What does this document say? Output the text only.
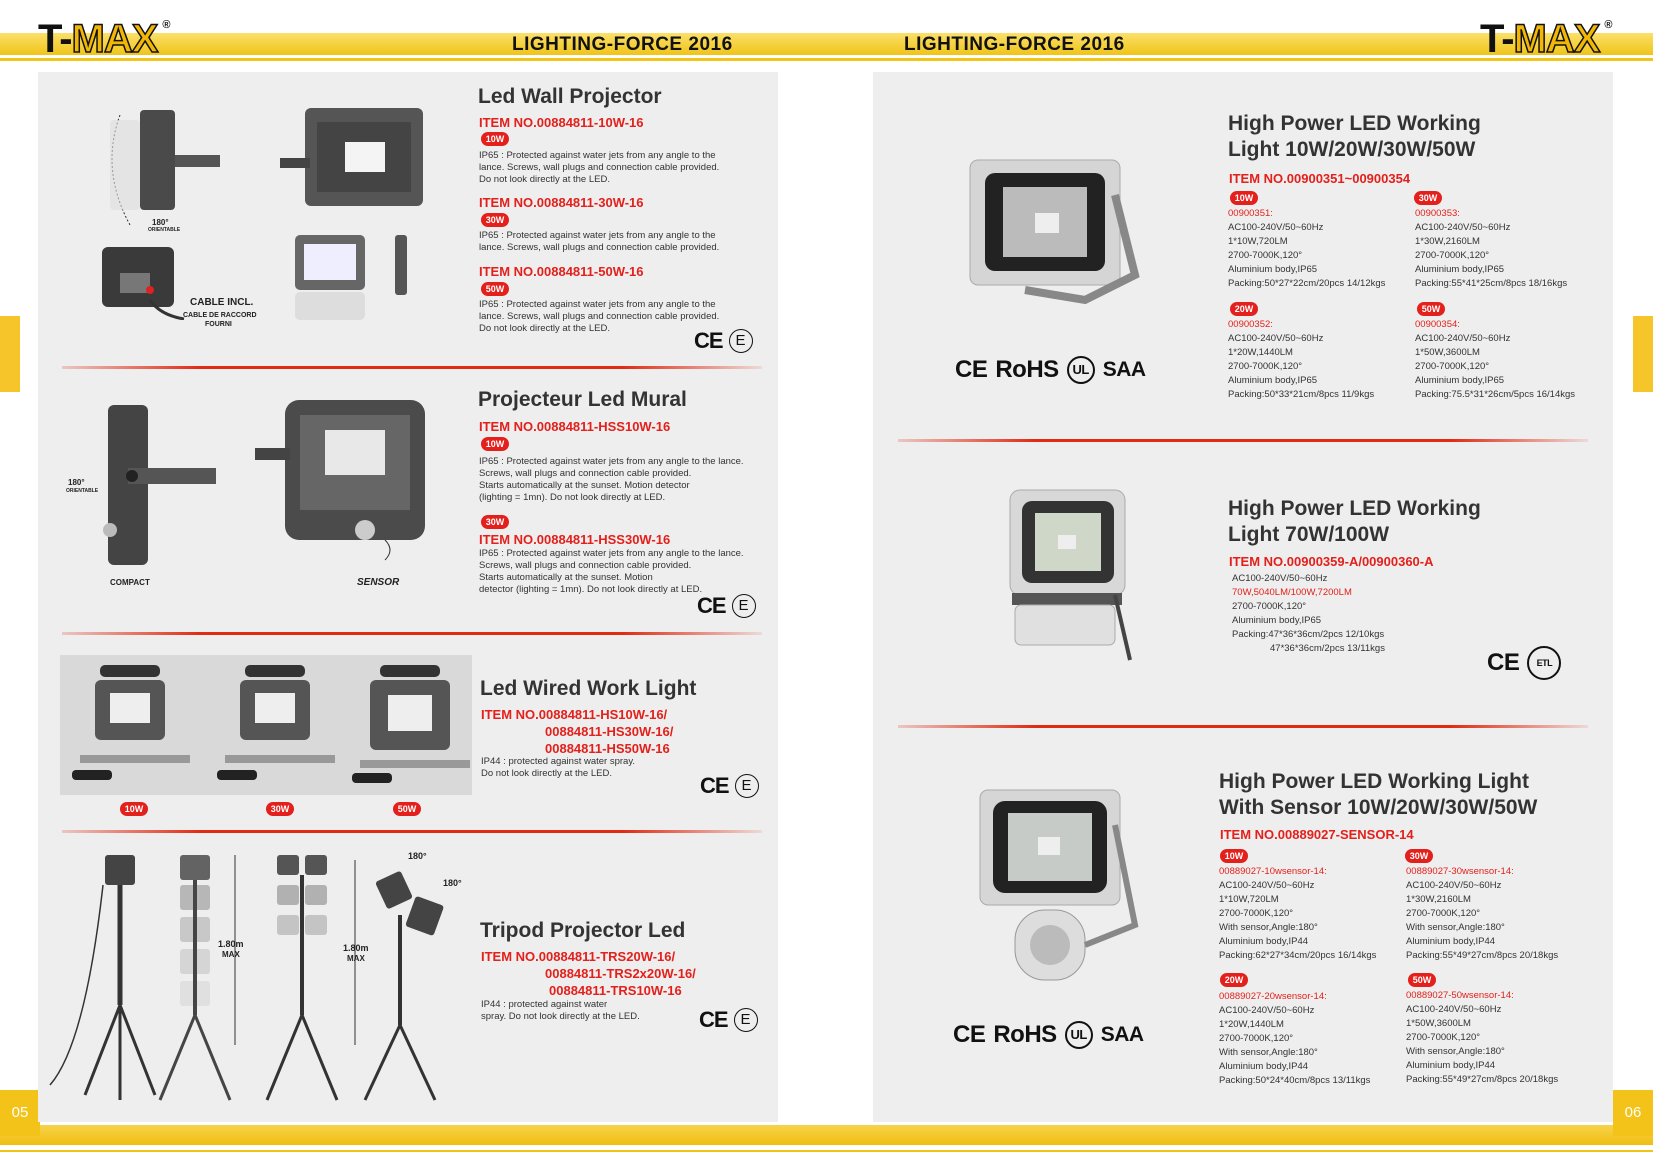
T-MAX ®	T-MAX ®
LIGHTING-FORCE 2016	LIGHTING-FORCE 2016
05	06
180°
ORIENTABLE
CABLE INCL.
CABLE DE RACCORD
FOURNI
Led Wall Projector
ITEM NO.00884811-10W-16
10W
IP65 : Protected against water jets from any angle to the
lance. Screws, wall plugs and connection cable provided.
Do not look directly at the LED.
ITEM NO.00884811-30W-16
30W
IP65 : Protected against water jets from any angle to the
lance. Screws, wall plugs and connection cable provided.
ITEM NO.00884811-50W-16
50W
IP65 : Protected against water jets from any angle to the
lance. Screws, wall plugs and connection cable provided.
Do not look directly at the LED.	CE E
180°
ORIENTABLE
COMPACT	SENSOR
Projecteur Led Mural
ITEM NO.00884811-HSS10W-16
10W
IP65 : Protected against water jets from any angle to the lance.
Screws, wall plugs and connection cable provided.
Starts automatically at the sunset. Motion detector
(lighting = 1mn). Do not look directly at LED.
30W
ITEM NO.00884811-HSS30W-16
IP65 : Protected against water jets from any angle to the lance.
Screws, wall plugs and connection cable provided.
Starts automatically at the sunset. Motion
detector (lighting = 1mn). Do not look directly at LED.
CE E
10W	30W	50W
Led Wired Work Light
ITEM NO.00884811-HS10W-16/
00884811-HS30W-16/
00884811-HS50W-16
IP44 : protected against water spray.
Do not look directly at the LED.	CE E
1.80m
MAX
1.80m
MAX
180°
180°
Tripod Projector Led
ITEM NO.00884811-TRS20W-16/
00884811-TRS2x20W-16/
00884811-TRS10W-16
IP44 : protected against water
spray. Do not look directly at the LED.	CE E
CE RoHS	UL SAA
High Power LED Working
Light 10W/20W/30W/50W
ITEM NO.00900351~00900354
10W
00900351:
AC100-240V/50~60Hz
1*10W,720LM
2700-7000K,120°
Aluminium body,IP65
Packing:50*27*22cm/20pcs 14/12kgs
30W
00900353:
AC100-240V/50~60Hz
1*30W,2160LM
2700-7000K,120°
Aluminium body,IP65
Packing:55*41*25cm/8pcs 18/16kgs
20W
00900352:
AC100-240V/50~60Hz
1*20W,1440LM
2700-7000K,120°
Aluminium body,IP65
Packing:50*33*21cm/8pcs 11/9kgs
50W
00900354:
AC100-240V/50~60Hz
1*50W,3600LM
2700-7000K,120°
Aluminium body,IP65
Packing:75.5*31*26cm/5pcs 16/14kgs
High Power LED Working
Light 70W/100W
ITEM NO.00900359-A/00900360-A
AC100-240V/50~60Hz
70W,5040LM/100W,7200LM
2700-7000K,120°
Aluminium body,IP65
Packing:47*36*36cm/2pcs 12/10kgs
47*36*36cm/2pcs 13/11kgs
CE	ETL
CE RoHS	UL SAA
High Power LED Working Light
With Sensor 10W/20W/30W/50W
ITEM NO.00889027-SENSOR-14
10W
00889027-10wsensor-14:
AC100-240V/50~60Hz
1*10W,720LM
2700-7000K,120°
With sensor,Angle:180°
Aluminium body,IP44
Packing:62*27*34cm/20pcs 16/14kgs
30W
00889027-30wsensor-14:
AC100-240V/50~60Hz
1*30W,2160LM
2700-7000K,120°
With sensor,Angle:180°
Aluminium body,IP44
Packing:55*49*27cm/8pcs 20/18kgs
20W
00889027-20wsensor-14:
AC100-240V/50~60Hz
1*20W,1440LM
2700-7000K,120°
With sensor,Angle:180°
Aluminium body,IP44
Packing:50*24*40cm/8pcs 13/11kgs
50W
00889027-50wsensor-14:
AC100-240V/50~60Hz
1*50W,3600LM
2700-7000K,120°
With sensor,Angle:180°
Aluminium body,IP44
Packing:55*49*27cm/8pcs 20/18kgs
